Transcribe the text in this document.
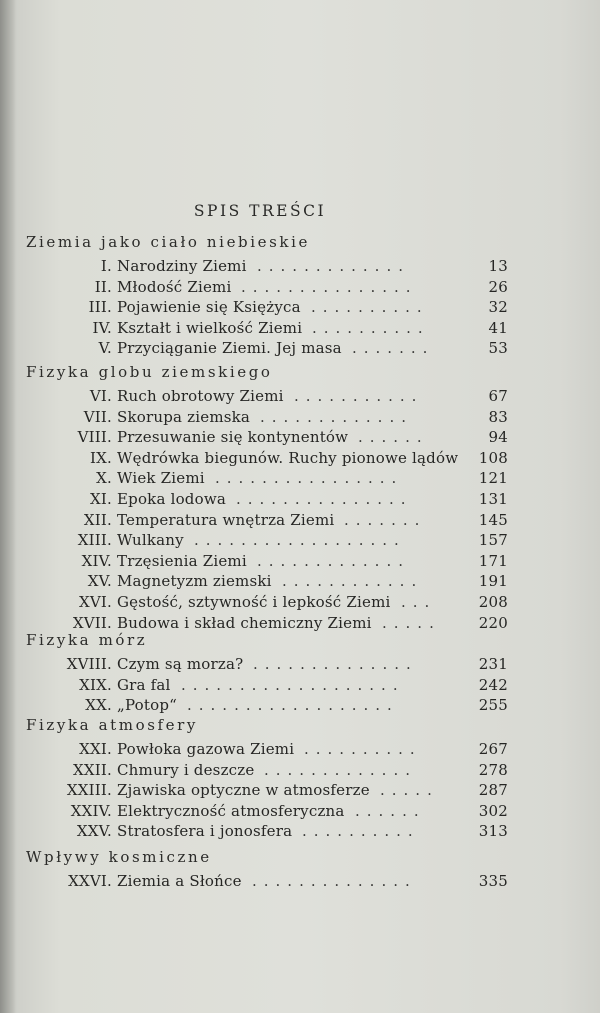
SPIS TREŚCI
Ziemia jako ciało niebieskie
I. Narodziny Ziemi .............	13
II. Młodość Ziemi ...............	26
III. Pojawienie się Księżyca ..........	32
IV. Kształt i wielkość Ziemi ..........	41
V. Przyciąganie Ziemi. Jej masa .......	53
Fizyka globu ziemskiego
VI. Ruch obrotowy Ziemi ...........	67
VII. Skorupa ziemska .............	83
VIII. Przesuwanie się kontynentów ......	94
IX. Wędrówka biegunów. Ruchy pionowe lądów	108
X. Wiek Ziemi ................	121
XI. Epoka lodowa ...............	131
XII. Temperatura wnętrza Ziemi .......	145
XIII. Wulkany ..................	157
XIV. Trzęsienia Ziemi .............	171
XV. Magnetyzm ziemski ............	191
XVI. Gęstość, sztywność i lepkość Ziemi ...	208
XVII. Budowa i skład chemiczny Ziemi .....	220
Fizyka mórz
XVIII. Czym są morza? ..............	231
XIX. Gra fal ...................	242
XX. „Potop“ ..................	255
Fizyka atmosfery
XXI. Powłoka gazowa Ziemi ..........	267
XXII. Chmury i deszcze .............	278
XXIII. Zjawiska optyczne w atmosferze .....	287
XXIV. Elektryczność atmosferyczna ......	302
XXV. Stratosfera i jonosfera ..........	313
Wpływy kosmiczne
XXVI. Ziemia a Słońce ..............	335
